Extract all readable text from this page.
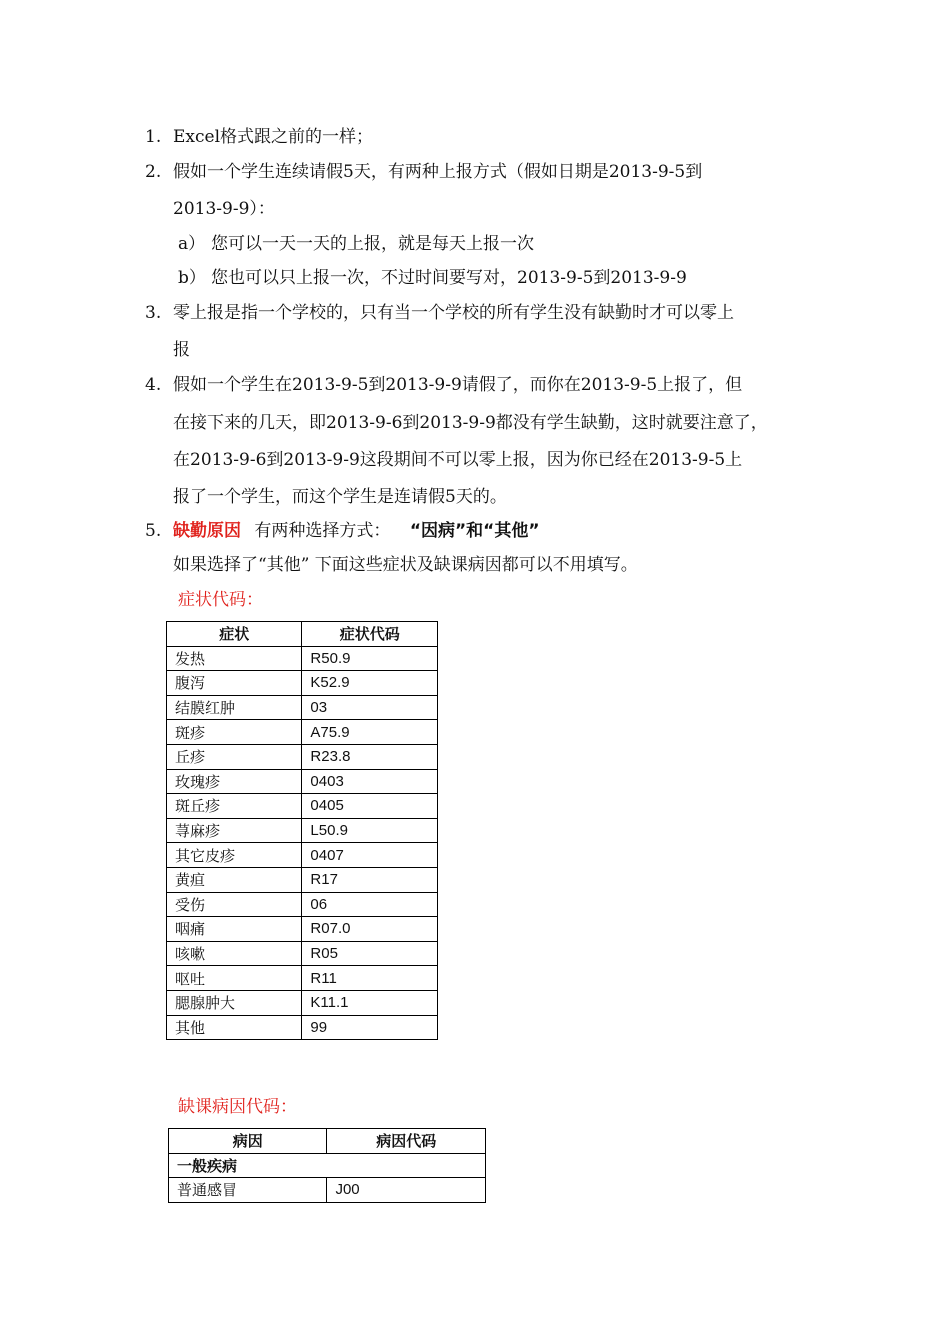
1. Excel格式跟之前的一样；
2. 假如一个学生连续请假5天，有两种上报方式（假如日期是2013-9-5到
2013-9-9）：
a） 您可以一天一天的上报，就是每天上报一次
b） 您也可以只上报一次，不过时间要写对，2013-9-5到2013-9-9
3. 零上报是指一个学校的，只有当一个学校的所有学生没有缺勤时才可以零上
报
4. 假如一个学生在2013-9-5到2013-9-9请假了，而你在2013-9-5上报了，但
在接下来的几天，即2013-9-6到2013-9-9都没有学生缺勤，这时就要注意了，
在2013-9-6到2013-9-9这段期间不可以零上报，因为你已经在2013-9-5上
报了一个学生，而这个学生是连请假5天的。
5. 缺勤原因 有两种选择方式： “因病”和“其他”
如果选择了“其他” 下面这些症状及缺课病因都可以不用填写。
症状代码：
症状	症状代码
发热	R50.9
腹泻	K52.9
结膜红肿	03
斑疹	A75.9
丘疹	R23.8
玫瑰疹	0403
斑丘疹	0405
荨麻疹	L50.9
其它皮疹	0407
黄疸	R17
受伤	06
咽痛	R07.0
咳嗽	R05
呕吐	R11
腮腺肿大	K11.1
其他	99
缺课病因代码：
病因	病因代码
一般疾病	
普通感冒	J00
